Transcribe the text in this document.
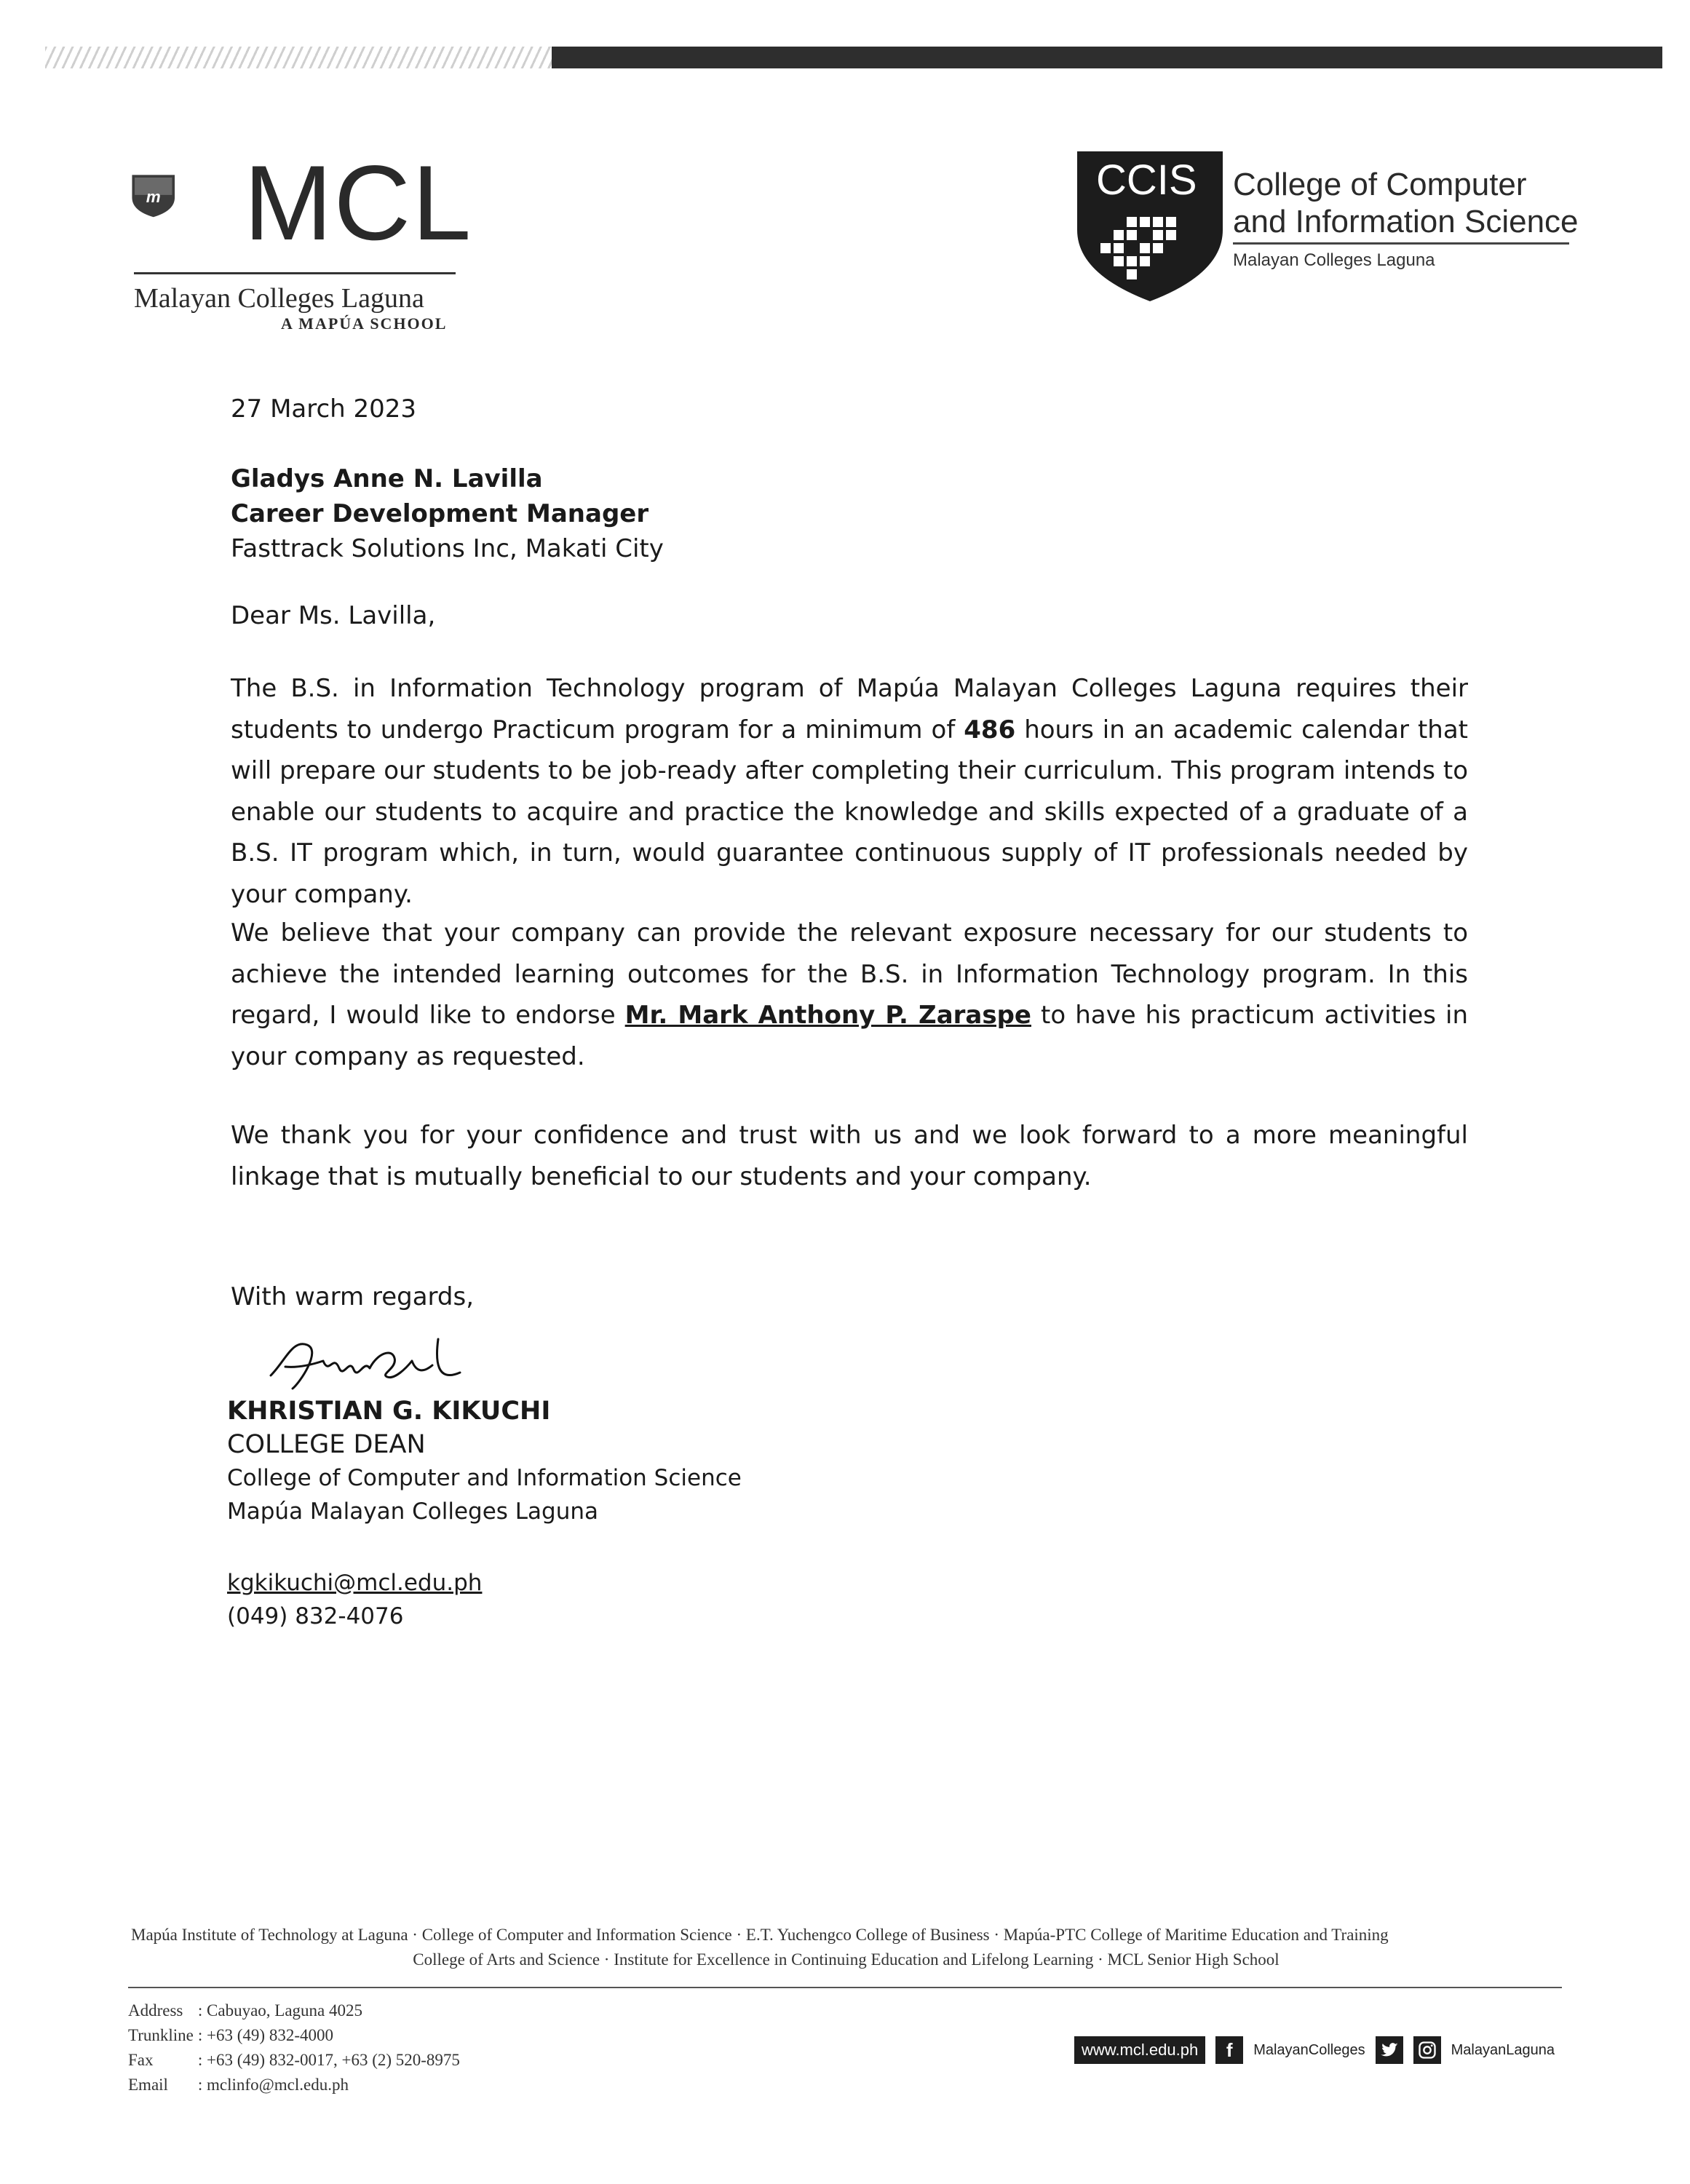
m MCL
Malayan Colleges Laguna
A MAPÚA SCHOOL
CCIS College of Computer
and Information Science
Malayan Colleges Laguna
27 March 2023
Gladys Anne N. Lavilla
Career Development Manager
Fasttrack Solutions Inc, Makati City
Dear Ms. Lavilla,
The B.S. in Information Technology program of Mapúa Malayan Colleges Laguna requires their students to undergo Practicum program for a minimum of 486 hours in an academic calendar that will prepare our students to be job-ready after completing their curriculum. This program intends to enable our students to acquire and practice the knowledge and skills expected of a graduate of a B.S. IT program which, in turn, would guarantee continuous supply of IT professionals needed by your company.
We believe that your company can provide the relevant exposure necessary for our students to achieve the intended learning outcomes for the B.S. in Information Technology program. In this regard, I would like to endorse Mr. Mark Anthony P. Zaraspe to have his practicum activities in your company as requested.
We thank you for your confidence and trust with us and we look forward to a more meaningful linkage that is mutually beneficial to our students and your company.
With warm regards,
KHRISTIAN G. KIKUCHI
COLLEGE DEAN
College of Computer and Information Science
Mapúa Malayan Colleges Laguna
kgkikuchi@mcl.edu.ph
(049) 832-4076
Mapúa Institute of Technology at Laguna · College of Computer and Information Science · E.T. Yuchengco College of Business · Mapúa-PTC College of Maritime Education and Training
College of Arts and Science · Institute for Excellence in Continuing Education and Lifelong Learning · MCL Senior High School
Address	: Cabuyao, Laguna 4025
Trunkline	: +63 (49) 832-4000
Fax	: +63 (49) 832-0017, +63 (2) 520-8975
Email	: mclinfo@mcl.edu.ph
www.mcl.edu.ph	f	MalayanColleges	MalayanLaguna
